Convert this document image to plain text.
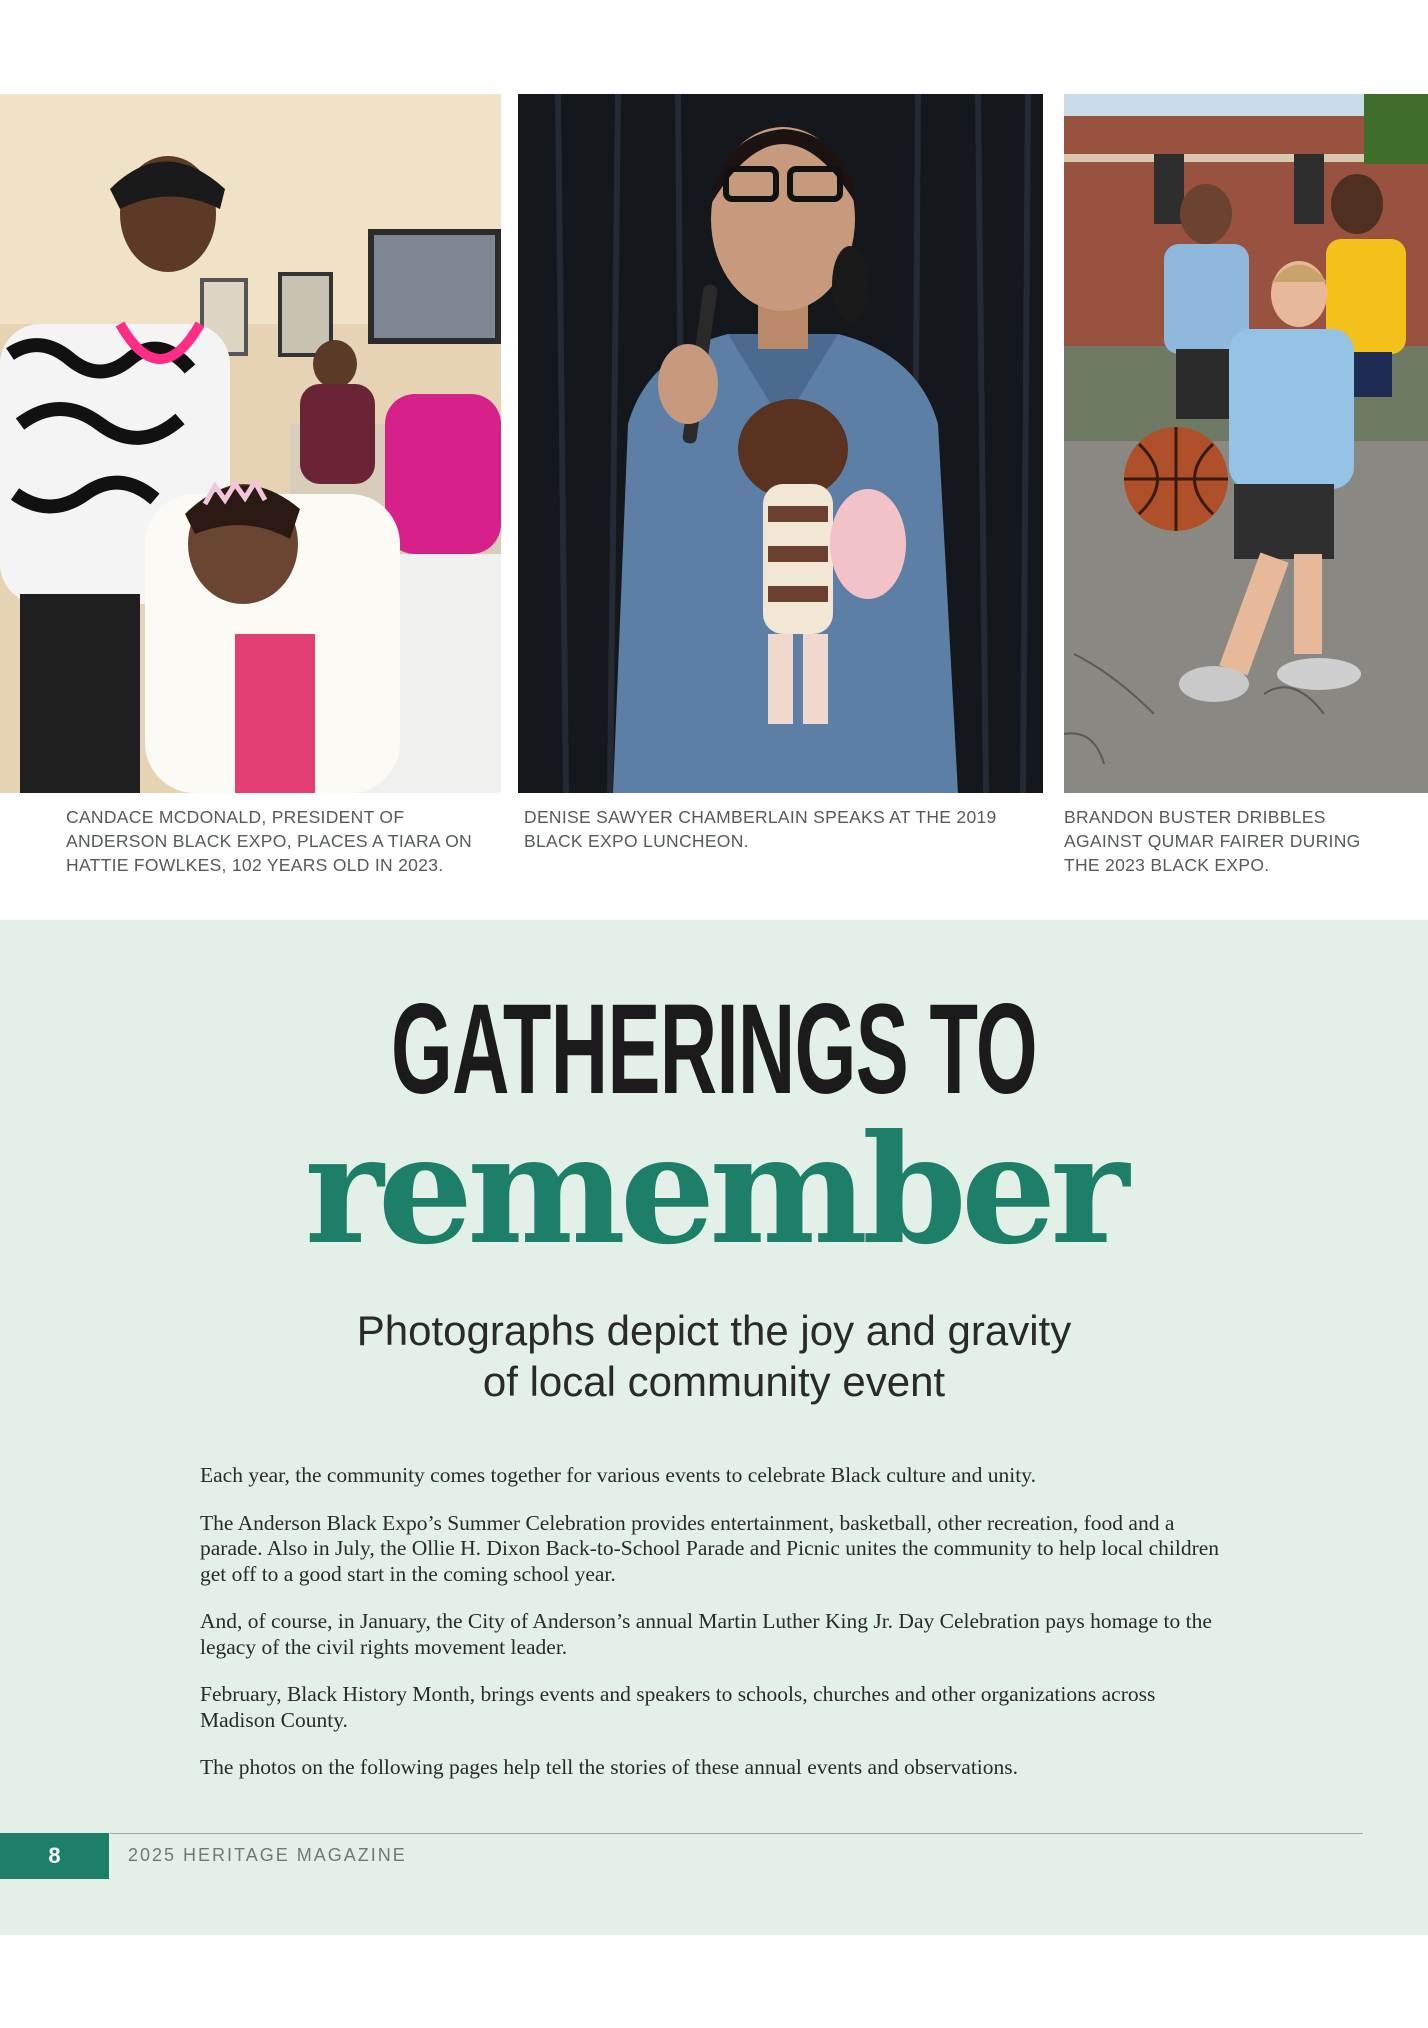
CANDACE MCDONALD, PRESIDENT OF ANDERSON BLACK EXPO, PLACES A TIARA ON HATTIE FOWLKES, 102 YEARS OLD IN 2023.
DENISE SAWYER CHAMBERLAIN SPEAKS AT THE 2019 BLACK EXPO LUNCHEON.
BRANDON BUSTER DRIBBLES AGAINST QUMAR FAIRER DURING THE 2023 BLACK EXPO.
GATHERINGS TO
remember
Photographs depict the joy and gravity
of local community event

Each year, the community comes together for various events to celebrate Black culture and unity.

The Anderson Black Expo’s Summer Celebration provides entertainment, basketball, other recreation, food and a parade. Also in July, the Ollie H. Dixon Back-to-School Parade and Picnic unites the community to help local children get off to a good start in the coming school year.

And, of course, in January, the City of Anderson’s annual Martin Luther King Jr. Day Celebration pays homage to the legacy of the civil rights movement leader.

February, Black History Month, brings events and speakers to schools, churches and other organizations across Madison County.

The photos on the following pages help tell the stories of these annual events and observations.

8	2025 HERITAGE MAGAZINE
